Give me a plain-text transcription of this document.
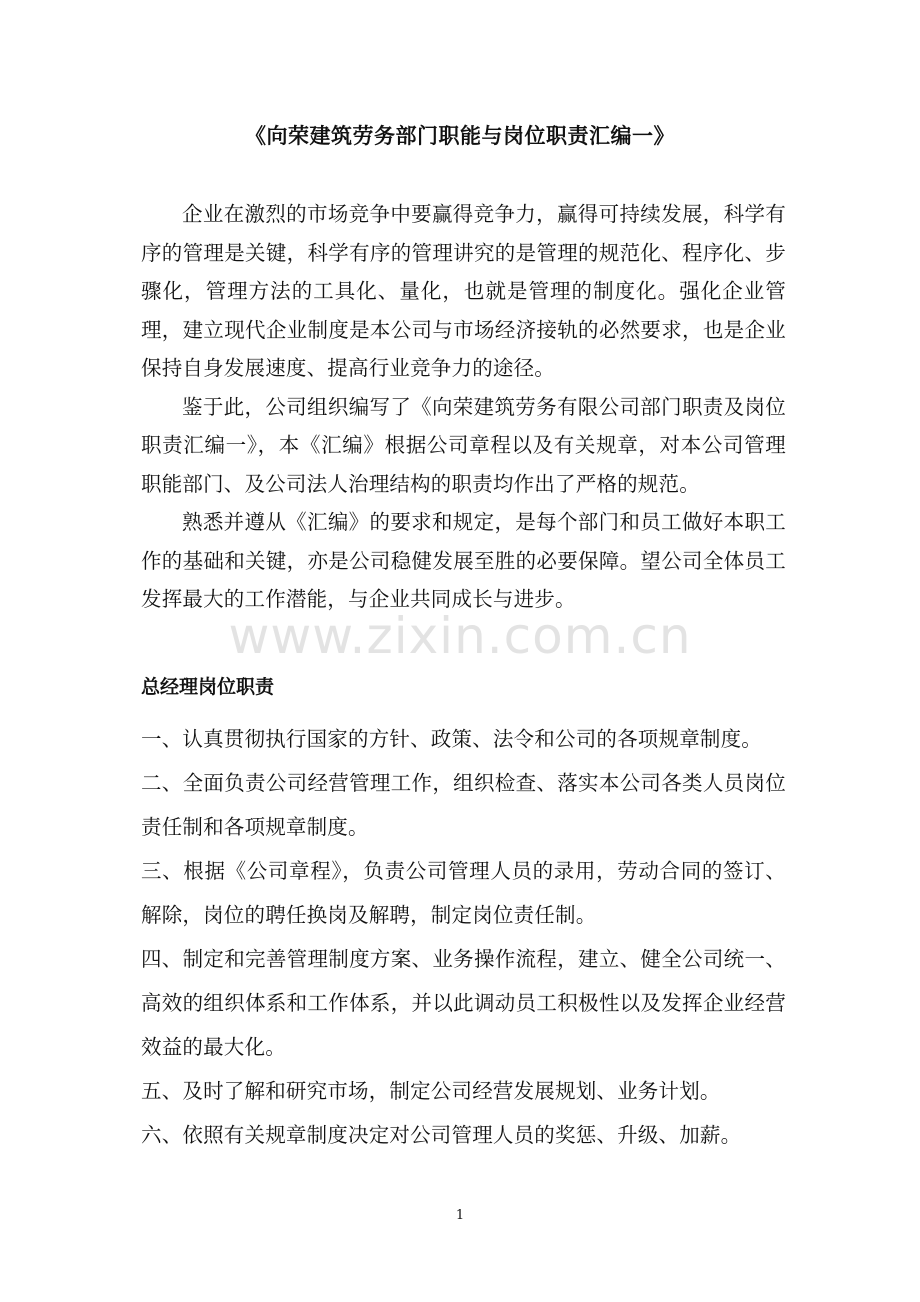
《向荣建筑劳务部门职能与岗位职责汇编一》

企业在激烈的市场竞争中要赢得竞争力，赢得可持续发展，科学有序的管理是关键，科学有序的管理讲究的是管理的规范化、程序化、步骤化，管理方法的工具化、量化，也就是管理的制度化。强化企业管理，建立现代企业制度是本公司与市场经济接轨的必然要求，也是企业保持自身发展速度、提高行业竞争力的途径。

鉴于此，公司组织编写了《向荣建筑劳务有限公司部门职责及岗位职责汇编一》，本《汇编》根据公司章程以及有关规章，对本公司管理职能部门、及公司法人治理结构的职责均作出了严格的规范。

熟悉并遵从《汇编》的要求和规定，是每个部门和员工做好本职工作的基础和关键，亦是公司稳健发展至胜的必要保障。望公司全体员工发挥最大的工作潜能，与企业共同成长与进步。

www.zixin.com.cn
总经理岗位职责

一、认真贯彻执行国家的方针、政策、法令和公司的各项规章制度。

二、全面负责公司经营管理工作，组织检查、落实本公司各类人员岗位责任制和各项规章制度。

三、根据《公司章程》，负责公司管理人员的录用，劳动合同的签订、解除，岗位的聘任换岗及解聘，制定岗位责任制。

四、制定和完善管理制度方案、业务操作流程，建立、健全公司统一、高效的组织体系和工作体系，并以此调动员工积极性以及发挥企业经营效益的最大化。

五、及时了解和研究市场，制定公司经营发展规划、业务计划。

六、依照有关规章制度决定对公司管理人员的奖惩、升级、加薪。

1
